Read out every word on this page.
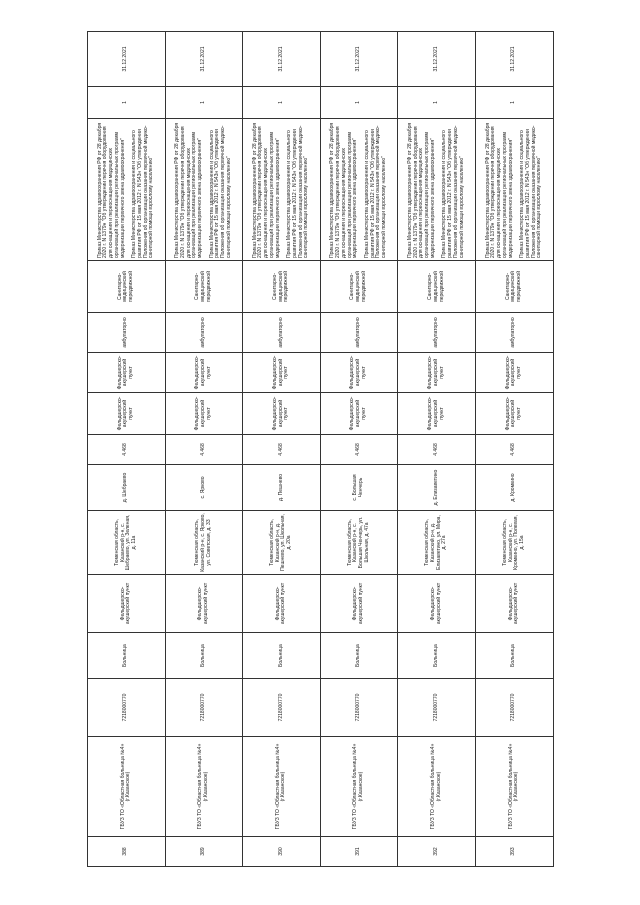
388	ГБУЗ ТО «Областная больница №4» (г.Казанское)	7218000770	Больница	Фельдшерско-акушерский пункт	Тюменская область, Казанский р-н, с. Шебраево, ул. Зеленая, д. 11а	д. Шебраево	4.468	Фельдшерско-акушерский пункт	Фельдшерско-акушерский пункт	амбулаторно	Санитарно-медицинский передвижной	Приказ Министерства здравоохранения РФ от 28 декабря 2020 г. N 1379н "Об утверждении перечня оборудования для оснащения и переоснащения медицинских организаций при реализации региональных программ модернизации первичного звена здравоохранения"

Приказ Министерства здравоохранения и социального развития РФ от 15 мая 2012 г. N 543н "Об утверждении Положения об организации оказания первичной медико-санитарной помощи взрослому населению"	1	31.12.2021
389	ГБУЗ ТО «Областная больница №4» (г.Казанское)	7218000770	Больница	Фельдшерско-акушерский пункт	Тюменская область, Казанский р-н, с. Ярково, ул. Советская, д. 33	с. Ярково	4.468	Фельдшерско-акушерский пункт	Фельдшерско-акушерский пункт	амбулаторно	Санитарно-медицинский передвижной	Приказ Министерства здравоохранения РФ от 28 декабря 2020 г. N 1379н "Об утверждении перечня оборудования для оснащения и переоснащения медицинских организаций при реализации региональных программ модернизации первичного звена здравоохранения"

Приказ Министерства здравоохранения и социального развития РФ от 15 мая 2012 г. N 543н "Об утверждении Положения об организации оказания первичной медико-санитарной помощи взрослому населению"	1	31.12.2021
390	ГБУЗ ТО «Областная больница №4» (г.Казанское)	7218000770	Больница	Фельдшерско-акушерский пункт	Тюменская область, Казанский р-н, д. Пешнево, ул. Школьная, д. 20а	д. Пешнево	4.468	Фельдшерско-акушерский пункт	Фельдшерско-акушерский пункт	амбулаторно	Санитарно-медицинский передвижной	Приказ Министерства здравоохранения РФ от 28 декабря 2020 г. N 1379н "Об утверждении перечня оборудования для оснащения и переоснащения медицинских организаций при реализации региональных программ модернизации первичного звена здравоохранения"

Приказ Министерства здравоохранения и социального развития РФ от 15 мая 2012 г. N 543н "Об утверждении Положения об организации оказания первичной медико-санитарной помощи взрослому населению"	1	31.12.2021
391	ГБУЗ ТО «Областная больница №4» (г.Казанское)	7218000770	Больница	Фельдшерско-акушерский пункт	Тюменская область, Казанский р-н, с. Большая Ченчерь, ул. Школьная, д. 47а	с. Большая Ченчерь	4.468	Фельдшерско-акушерский пункт	Фельдшерско-акушерский пункт	амбулаторно	Санитарно-медицинский передвижной	Приказ Министерства здравоохранения РФ от 28 декабря 2020 г. N 1379н "Об утверждении перечня оборудования для оснащения и переоснащения медицинских организаций при реализации региональных программ модернизации первичного звена здравоохранения"

Приказ Министерства здравоохранения и социального развития РФ от 15 мая 2012 г. N 543н "Об утверждении Положения об организации оказания первичной медико-санитарной помощи взрослому населению"	1	31.12.2021
392	ГБУЗ ТО «Областная больница №4» (г.Казанское)	7218000770	Больница	Фельдшерско-акушерский пункт	Тюменская область, Казанский р-н, д. Елизаветино, ул. Мира, д. 27а	д. Елизаветино	4.468	Фельдшерско-акушерский пункт	Фельдшерско-акушерский пункт	амбулаторно	Санитарно-медицинский передвижной	Приказ Министерства здравоохранения РФ от 28 декабря 2020 г. N 1379н "Об утверждении перечня оборудования для оснащения и переоснащения медицинских организаций при реализации региональных программ модернизации первичного звена здравоохранения"

Приказ Министерства здравоохранения и социального развития РФ от 15 мая 2012 г. N 543н "Об утверждении Положения об организации оказания первичной медико-санитарной помощи взрослому населению"	1	31.12.2021
393	ГБУЗ ТО «Областная больница №4» (г.Казанское)	7218000770	Больница	Фельдшерско-акушерский пункт	Тюменская область, Казанский р-н, с. Кромкино, ул. Полевая, д. 15а	д. Кромкино	4.468	Фельдшерско-акушерский пункт	Фельдшерско-акушерский пункт	амбулаторно	Санитарно-медицинский передвижной	Приказ Министерства здравоохранения РФ от 28 декабря 2020 г. N 1379н "Об утверждении перечня оборудования для оснащения и переоснащения медицинских организаций при реализации региональных программ модернизации первичного звена здравоохранения"

Приказ Министерства здравоохранения и социального развития РФ от 15 мая 2012 г. N 543н "Об утверждении Положения об организации оказания первичной медико-санитарной помощи взрослому населению"	1	31.12.2021
